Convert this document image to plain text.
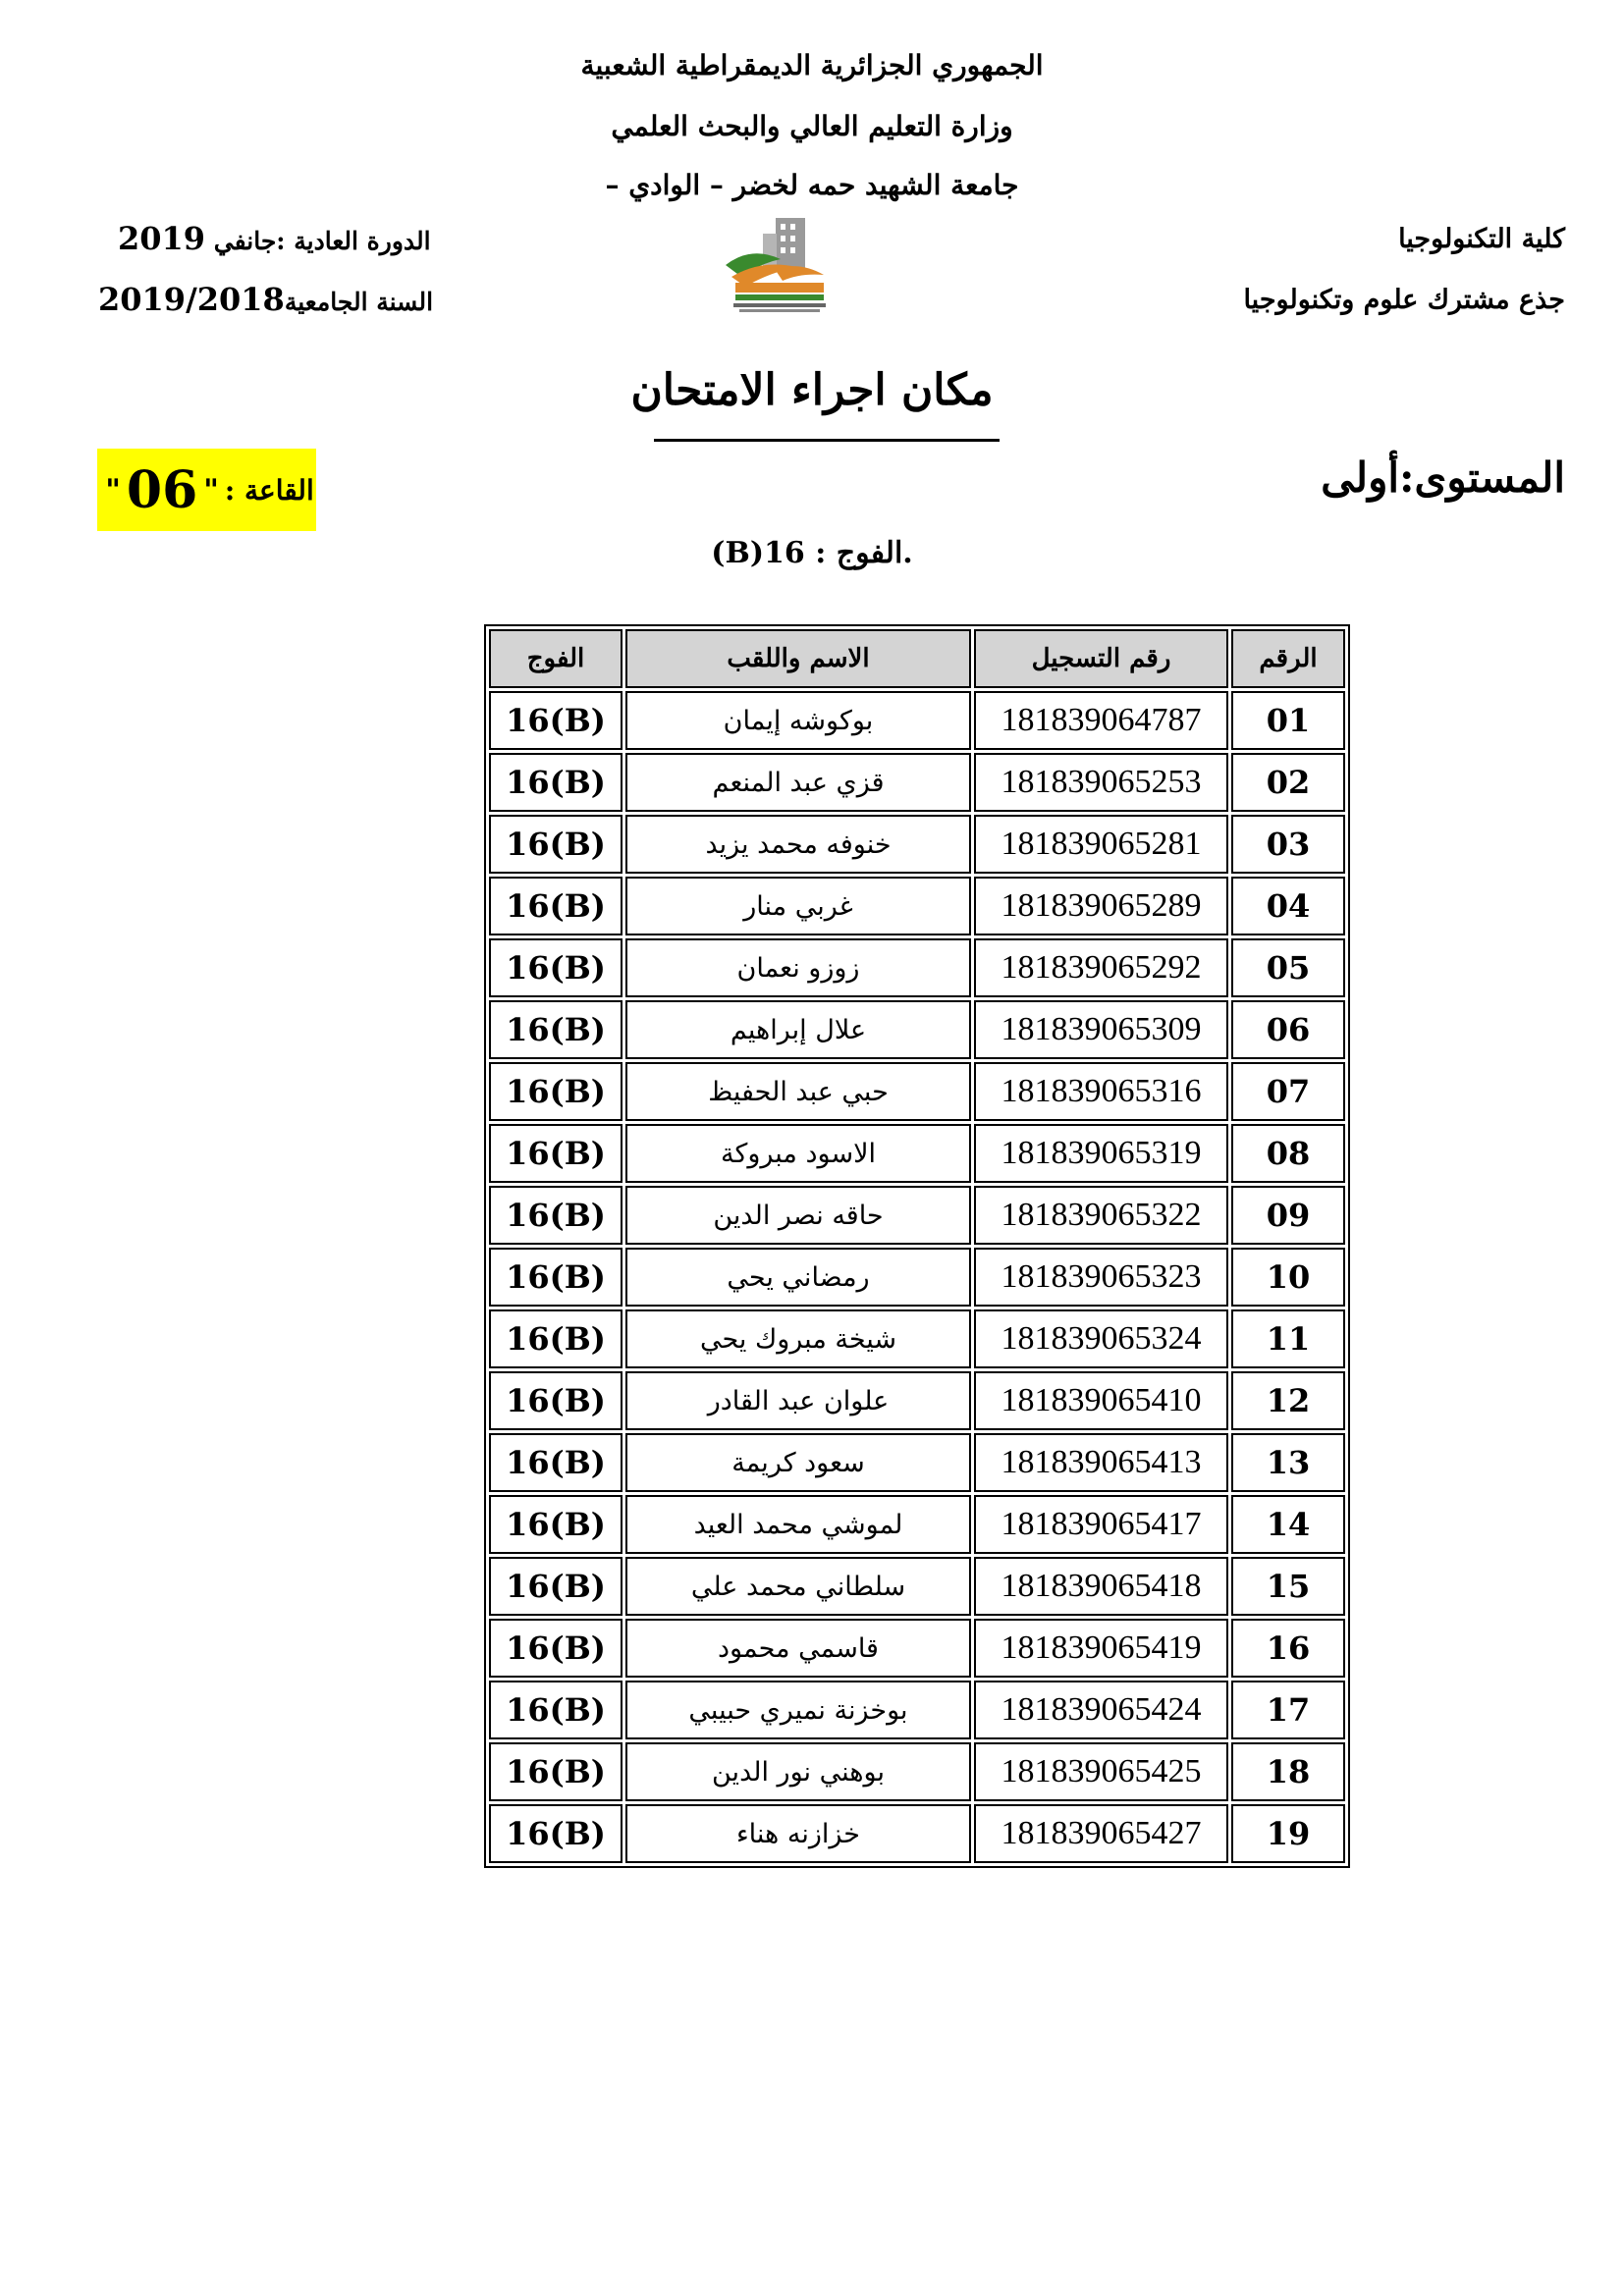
الجمهوري الجزائرية الديمقراطية الشعبية
وزارة التعليم العالي والبحث العلمي
جامعة الشهيد حمه لخضر – الوادي –
كلية التكنولوجيا
جذع مشترك علوم وتكنولوجيا
الدورة العادية :جانفي 2019
السنة الجامعية2019/2018
مكان اجراء الامتحان
المستوى:أولى
القاعة :
"
06
"
.الفوج : 16(B)
الرقم	رقم التسجيل	الاسم واللقب	الفوج
01	181839064787	بوكوشه إيمان	16(B)
02	181839065253	قزي عبد المنعم	16(B)
03	181839065281	خنوفه محمد يزيد	16(B)
04	181839065289	غربي منار	16(B)
05	181839065292	زوزو نعمان	16(B)
06	181839065309	علال إبراهيم	16(B)
07	181839065316	حبي عبد الحفيظ	16(B)
08	181839065319	الاسود مبروكة	16(B)
09	181839065322	حاقه نصر الدين	16(B)
10	181839065323	رمضاني يحي	16(B)
11	181839065324	شيخة مبروك يحي	16(B)
12	181839065410	علوان عبد القادر	16(B)
13	181839065413	سعود كريمة	16(B)
14	181839065417	لموشي محمد العيد	16(B)
15	181839065418	سلطاني محمد علي	16(B)
16	181839065419	قاسمي محمود	16(B)
17	181839065424	بوخزنة نميري حبيبي	16(B)
18	181839065425	بوهني نور الدين	16(B)
19	181839065427	خزازنه هناء	16(B)
